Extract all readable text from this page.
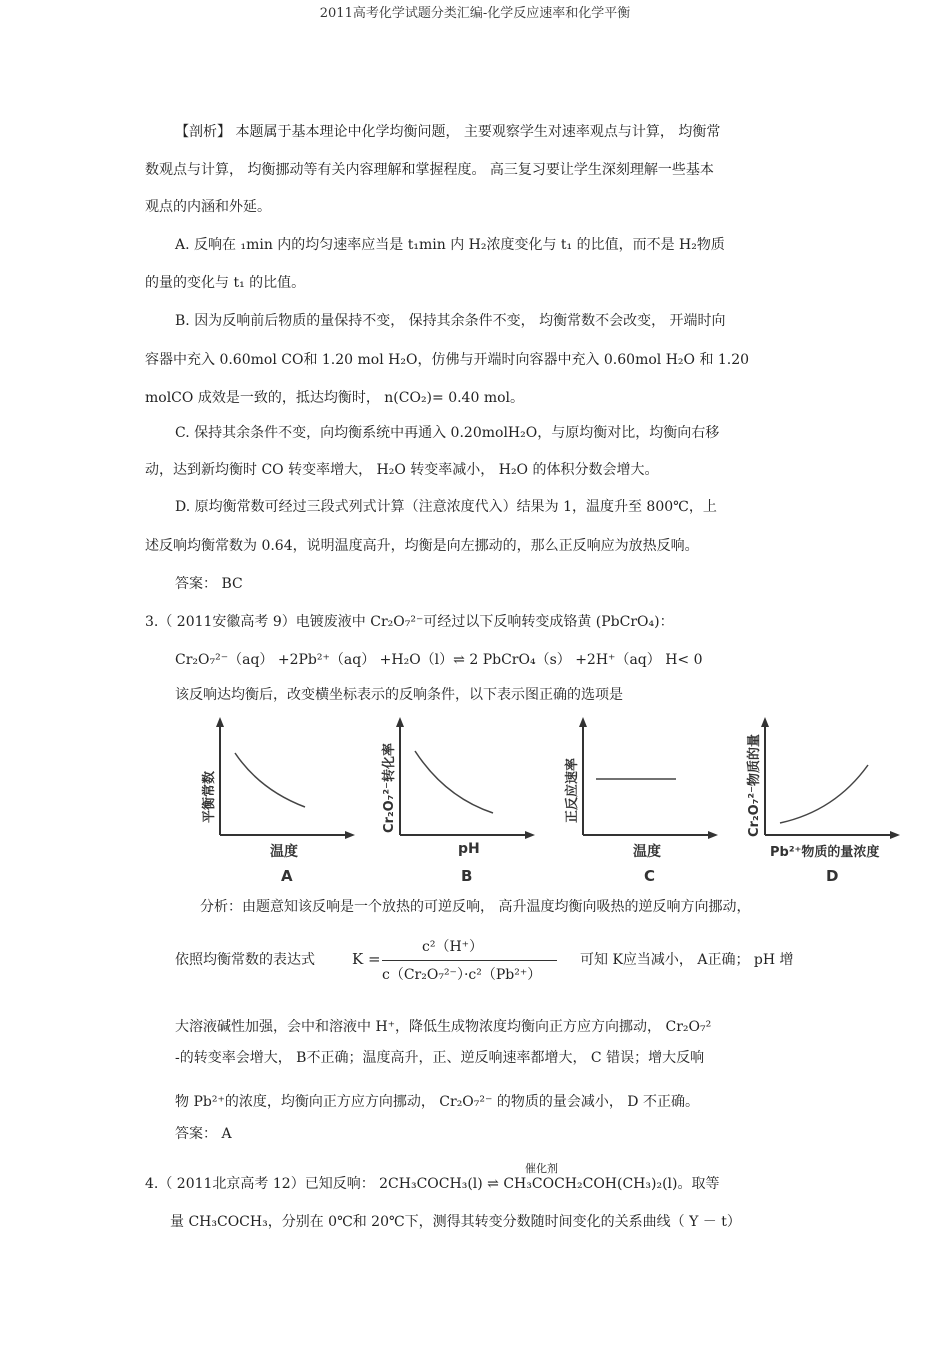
2011高考化学试题分类汇编-化学反应速率和化学平衡
【剖析】 本题属于基本理论中化学均衡问题， 主要观察学生对速率观点与计算， 均衡常
数观点与计算， 均衡挪动等有关内容理解和掌握程度。 高三复习要让学生深刻理解一些基本
观点的内涵和外延。
A. 反响在 ₁min 内的均匀速率应当是 t₁min 内 H₂浓度变化与 t₁ 的比值，而不是 H₂物质
的量的变化与 t₁ 的比值。
B. 因为反响前后物质的量保持不变， 保持其余条件不变， 均衡常数不会改变， 开端时向
容器中充入 0.60mol CO和 1.20 mol H₂O，仿佛与开端时向容器中充入 0.60mol H₂O 和 1.20
molCO 成效是一致的，抵达均衡时， n(CO₂)= 0.40 mol。
C. 保持其余条件不变，向均衡系统中再通入 0.20molH₂O，与原均衡对比，均衡向右移
动，达到新均衡时 CO 转变率增大， H₂O 转变率减小， H₂O 的体积分数会增大。
D. 原均衡常数可经过三段式列式计算（注意浓度代入）结果为 1，温度升至 800℃，上
述反响均衡常数为 0.64，说明温度高升，均衡是向左挪动的，那么正反响应为放热反响。
答案： BC
3.（ 2011安徽高考 9）电镀废液中 Cr₂O₇²⁻可经过以下反响转变成铬黄 (PbCrO₄)：
Cr₂O₇²⁻（aq） +2Pb²⁺（aq） +H₂O（l）⇌ 2 PbCrO₄（s） +2H⁺（aq） H< 0
该反响达均衡后，改变横坐标表示的反响条件，以下表示图正确的选项是
平衡常数
温度
A
Cr₂O₇²⁻转化率
pH
B
正反应速率
温度
C
Cr₂O₇²⁻物质的量
Pb²⁺物质的量浓度
D
分析：由题意知该反响是一个放热的可逆反响， 高升温度均衡向吸热的逆反响方向挪动，
依照均衡常数的表达式 K =
c²（H⁺）
c（Cr₂O₇²⁻）·c²（Pb²⁺）
可知 K应当减小， A正确； pH 增
大溶液碱性加强，会中和溶液中 H⁺，降低生成物浓度均衡向正方应方向挪动， Cr₂O₇²
-的转变率会增大， B不正确；温度高升，正、逆反响速率都增大， C 错误；增大反响
物 Pb²⁺的浓度，均衡向正方应方向挪动， Cr₂O₇²⁻ 的物质的量会减小， D 不正确。
答案： A
催化剂
4.（ 2011北京高考 12）已知反响： 2CH₃COCH₃(l) ⇌ CH₃COCH₂COH(CH₃)₂(l)。取等
量 CH₃COCH₃，分别在 0℃和 20℃下，测得其转变分数随时间变化的关系曲线（ Y － t）
